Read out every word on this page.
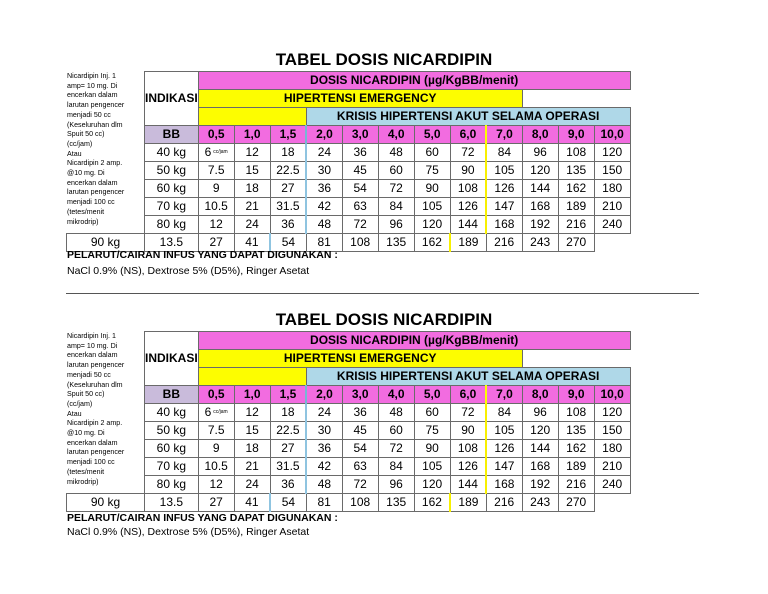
TABEL DOSIS NICARDIPIN
Nicardipin Inj. 1
amp= 10 mg. Di
encerkan dalam
larutan pengencer
menjadi 50 cc
(Keseluruhan dlm
Spuit 50 cc)
(cc/jam)
Atau
Nicardipin 2 amp.
@10 mg. Di
encerkan dalam
larutan pengencer
menjadi 100 cc
(tetes/menit
mikrodrip)
	INDIKASI	DOSIS NICARDIPIN (µg/KgBB/menit)											
		HIPERTENSI EMERGENCY											
					KRISIS HIPERTENSI AKUT SELAMA OPERASI								
	BB	0,5	1,0	1,5	2,0	3,0	4,0	5,0	6,0	7,0	8,0	9,0	10,0
	40 kg	6 cc/jam	12	18	24	36	48	60	72	84	96	108	120
	50 kg	7.5	15	22.5	30	45	60	75	90	105	120	135	150
	60 kg	9	18	27	36	54	72	90	108	126	144	162	180
	70 kg	10.5	21	31.5	42	63	84	105	126	147	168	189	210
	80 kg	12	24	36	48	72	96	120	144	168	192	216	240
90 kg	13.5	27	41	54	81	108	135	162	189	216	243	270	
PELARUT/CAIRAN INFUS YANG DAPAT DIGUNAKAN :
NaCl 0.9% (NS), Dextrose 5% (D5%), Ringer Asetat
TABEL DOSIS NICARDIPIN
Nicardipin Inj. 1
amp= 10 mg. Di
encerkan dalam
larutan pengencer
menjadi 50 cc
(Keseluruhan dlm
Spuit 50 cc)
(cc/jam)
Atau
Nicardipin 2 amp.
@10 mg. Di
encerkan dalam
larutan pengencer
menjadi 100 cc
(tetes/menit
mikrodrip)
	INDIKASI	DOSIS NICARDIPIN (µg/KgBB/menit)											
		HIPERTENSI EMERGENCY											
					KRISIS HIPERTENSI AKUT SELAMA OPERASI								
	BB	0,5	1,0	1,5	2,0	3,0	4,0	5,0	6,0	7,0	8,0	9,0	10,0
	40 kg	6 cc/jam	12	18	24	36	48	60	72	84	96	108	120
	50 kg	7.5	15	22.5	30	45	60	75	90	105	120	135	150
	60 kg	9	18	27	36	54	72	90	108	126	144	162	180
	70 kg	10.5	21	31.5	42	63	84	105	126	147	168	189	210
	80 kg	12	24	36	48	72	96	120	144	168	192	216	240
90 kg	13.5	27	41	54	81	108	135	162	189	216	243	270	
PELARUT/CAIRAN INFUS YANG DAPAT DIGUNAKAN :
NaCl 0.9% (NS), Dextrose 5% (D5%), Ringer Asetat
